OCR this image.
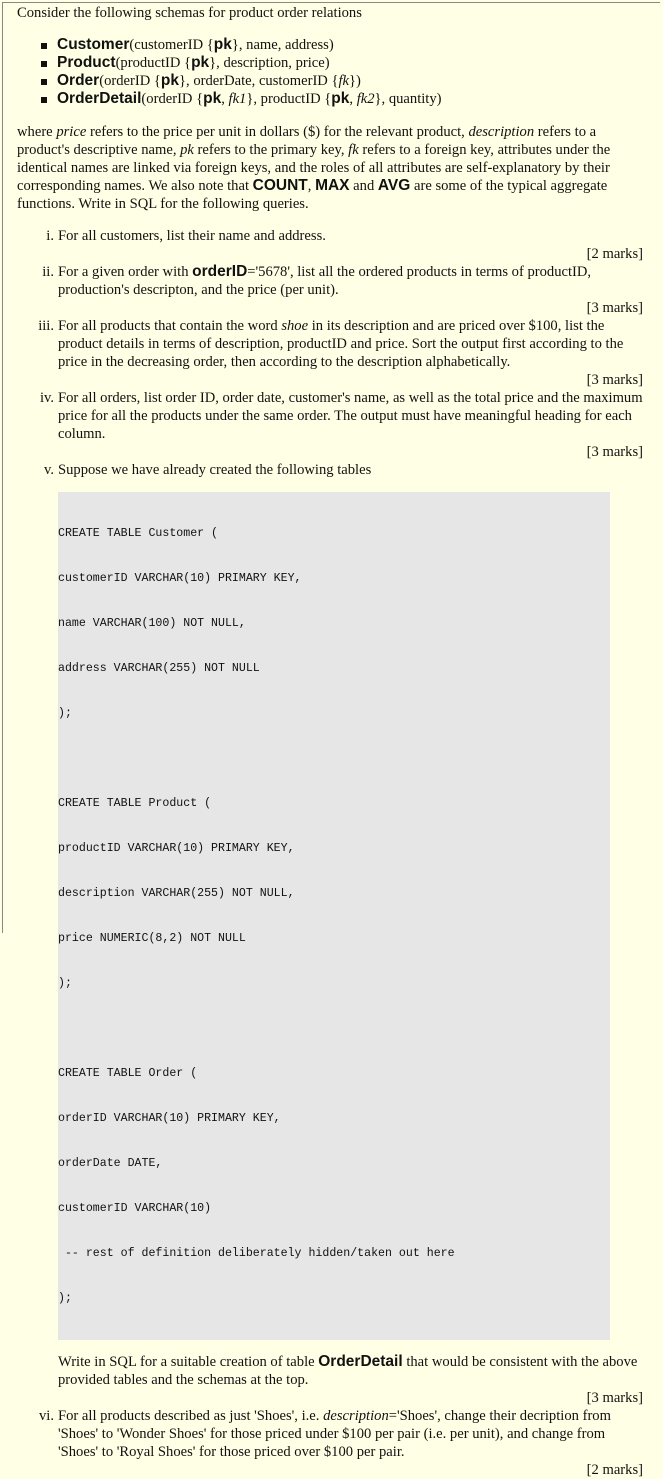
Consider the following schemas for product order relations

Customer(customerID {pk}, name, address)
Product(productID {pk}, description, price)
Order(orderID {pk}, orderDate, customerID {fk})
OrderDetail(orderID {pk, fk1}, productID {pk, fk2}, quantity)

where price refers to the price per unit in dollars ($) for the relevant product, description refers to a product's descriptive name, pk refers to the primary key, fk refers to a foreign key, attributes under the identical names are linked via foreign keys, and the roles of all attributes are self-explanatory by their corresponding names. We also note that COUNT, MAX and AVG are some of the typical aggregate functions. Write in SQL for the following queries.

i. For all customers, list their name and address.
[2 marks]
ii. For a given order with orderID='5678', list all the ordered products in terms of productID, production's descripton, and the price (per unit).
[3 marks]
iii. For all products that contain the word shoe in its description and are priced over $100, list the product details in terms of description, productID and price. Sort the output first according to the price in the decreasing order, then according to the description alphabetically.
[3 marks]
iv. For all orders, list order ID, order date, customer's name, as well as the total price and the maximum price for all the products under the same order. The output must have meaningful heading for each column.
[3 marks]
v. Suppose we have already created the following tables

CREATE TABLE Customer (

customerID VARCHAR(10) PRIMARY KEY,

name VARCHAR(100) NOT NULL,

address VARCHAR(255) NOT NULL

);

CREATE TABLE Product (

productID VARCHAR(10) PRIMARY KEY,

description VARCHAR(255) NOT NULL,

price NUMERIC(8,2) NOT NULL

);

CREATE TABLE Order (

orderID VARCHAR(10) PRIMARY KEY,

orderDate DATE,

customerID VARCHAR(10)

-- rest of definition deliberately hidden/taken out here

);

Write in SQL for a suitable creation of table OrderDetail that would be consistent with the above provided tables and the schemas at the top.
[3 marks]
vi. For all products described as just 'Shoes', i.e. description='Shoes', change their decription from 'Shoes' to 'Wonder Shoes' for those priced under $100 per pair (i.e. per unit), and change from 'Shoes' to 'Royal Shoes' for those priced over $100 per pair.
[2 marks]
